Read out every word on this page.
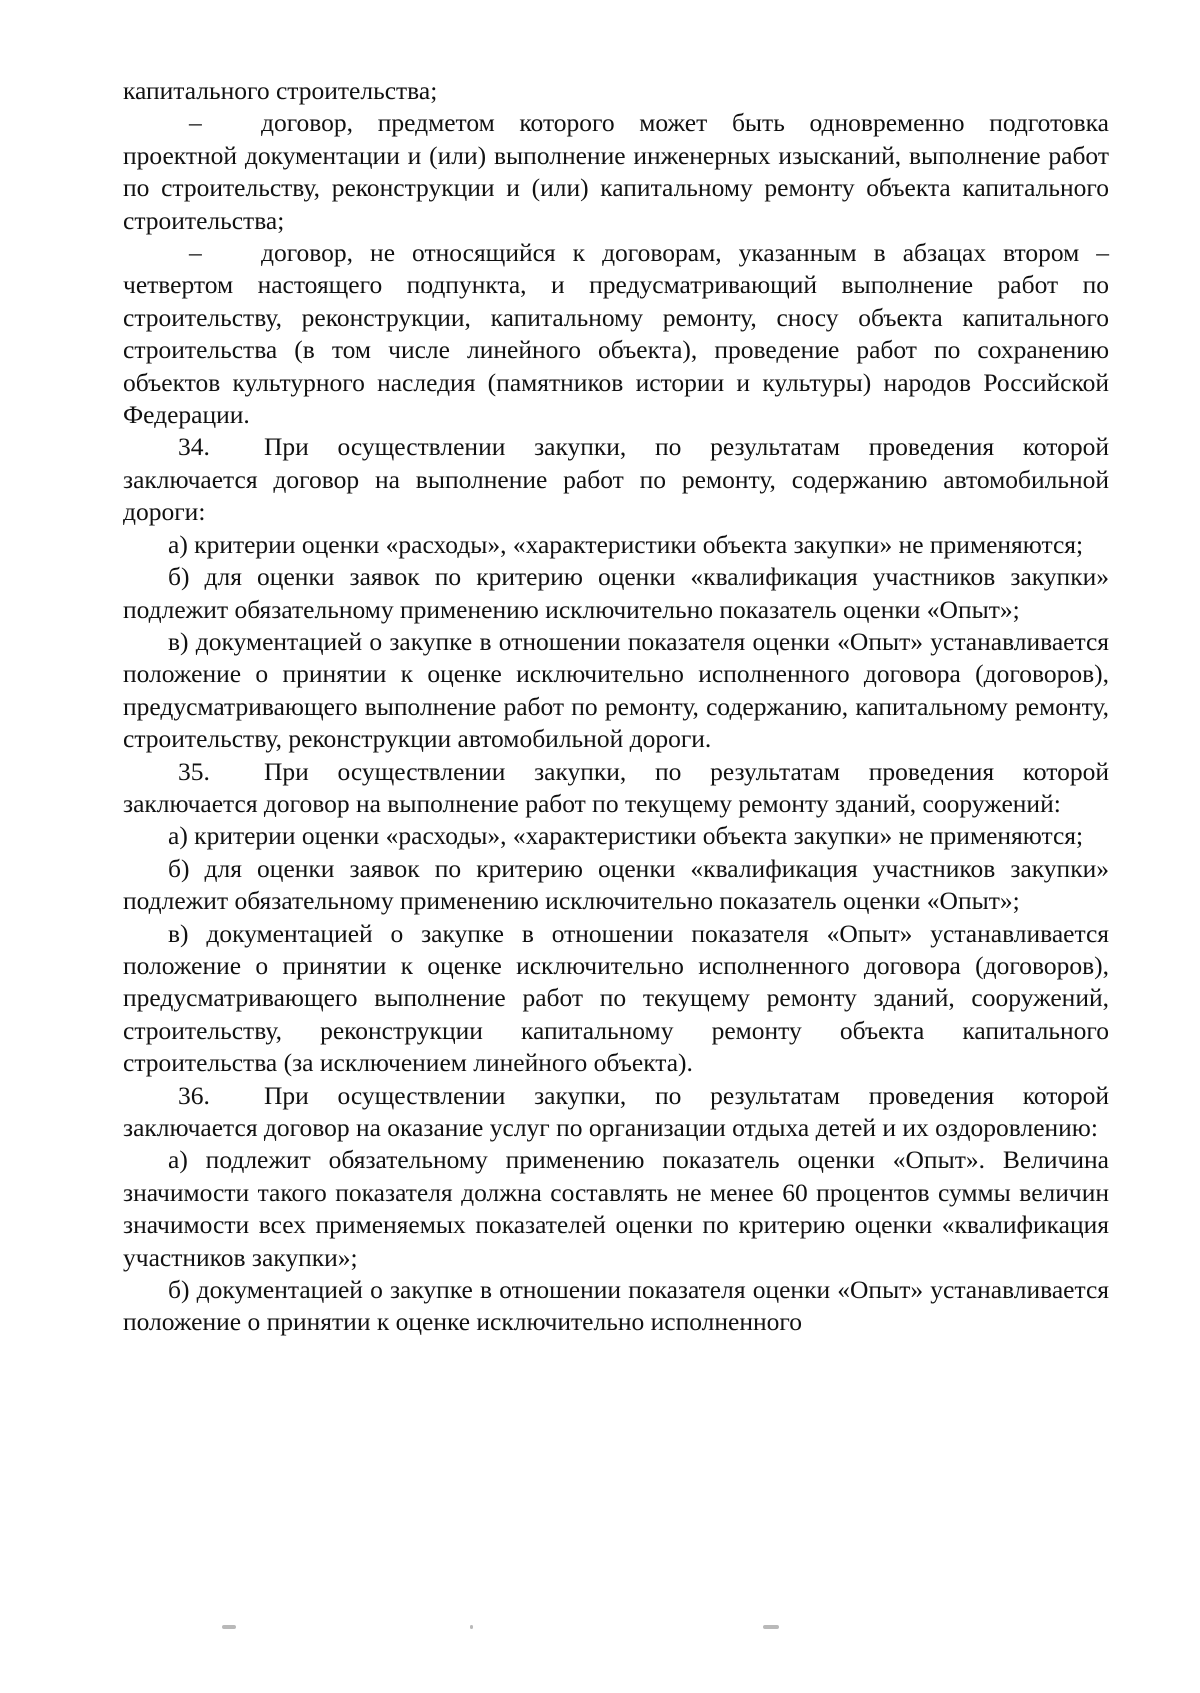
капитального строительства;

– договор, предметом которого может быть одновременно подготовка проектной документации и (или) выполнение инженерных изысканий, выполнение работ по строительству, реконструкции и (или) капитальному ремонту объекта капитального строительства;

– договор, не относящийся к договорам, указанным в абзацах втором – четвертом настоящего подпункта, и предусматривающий выполнение работ по строительству, реконструкции, капитальному ремонту, сносу объекта капитального строительства (в том числе линейного объекта), проведение работ по сохранению объектов культурного наследия (памятников истории и культуры) народов Российской Федерации.

34. При осуществлении закупки, по результатам проведения которой заключается договор на выполнение работ по ремонту, содержанию автомобильной дороги:

а) критерии оценки «расходы», «характеристики объекта закупки» не применяются;

б) для оценки заявок по критерию оценки «квалификация участников закупки» подлежит обязательному применению исключительно показатель оценки «Опыт»;

в) документацией о закупке в отношении показателя оценки «Опыт» устанавливается положение о принятии к оценке исключительно исполненного договора (договоров), предусматривающего выполнение работ по ремонту, содержанию, капитальному ремонту, строительству, реконструкции автомобильной дороги.

35. При осуществлении закупки, по результатам проведения которой заключается договор на выполнение работ по текущему ремонту зданий, сооружений:

а) критерии оценки «расходы», «характеристики объекта закупки» не применяются;

б) для оценки заявок по критерию оценки «квалификация участников закупки» подлежит обязательному применению исключительно показатель оценки «Опыт»;

в) документацией о закупке в отношении показателя «Опыт» устанавливается положение о принятии к оценке исключительно исполненного договора (договоров), предусматривающего выполнение работ по текущему ремонту зданий, сооружений, строительству, реконструкции капитальному ремонту объекта капитального строительства (за исключением линейного объекта).

36. При осуществлении закупки, по результатам проведения которой заключается договор на оказание услуг по организации отдыха детей и их оздоровлению:

а) подлежит обязательному применению показатель оценки «Опыт». Величина значимости такого показателя должна составлять не менее 60 процентов суммы величин значимости всех применяемых показателей оценки по критерию оценки «квалификация участников закупки»;

б) документацией о закупке в отношении показателя оценки «Опыт» устанавливается положение о принятии к оценке исключительно исполненного
